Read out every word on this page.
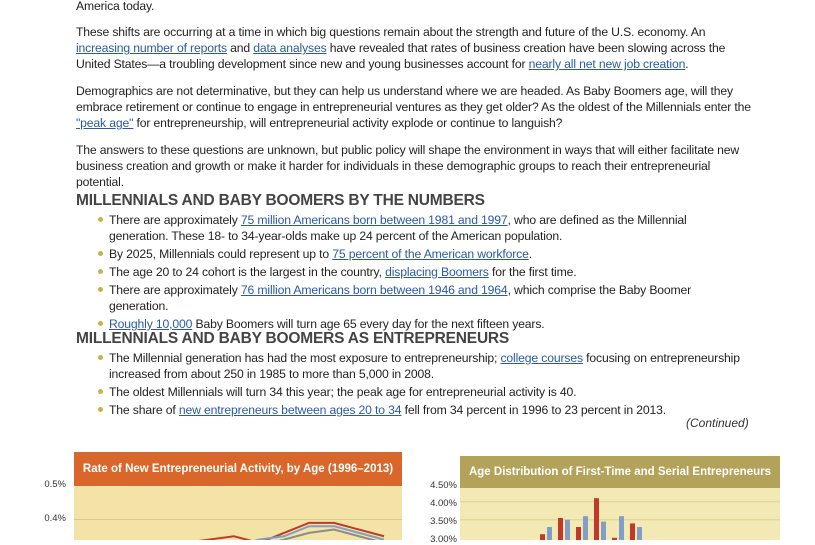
America today.
These shifts are occurring at a time in which big questions remain about the strength and future of the U.S. economy. An increasing number of reports and data analyses have revealed that rates of business creation have been slowing across the United States—a troubling development since new and young businesses account for nearly all net new job creation.
Demographics are not determinative, but they can help us understand where we are headed. As Baby Boomers age, will they embrace retirement or continue to engage in entrepreneurial ventures as they get older? As the oldest of the Millennials enter the "peak age" for entrepreneurship, will entrepreneurial activity explode or continue to languish?
The answers to these questions are unknown, but public policy will shape the environment in ways that will either facilitate new business creation and growth or make it harder for individuals in these demographic groups to reach their entrepreneurial potential.
MILLENNIALS AND BABY BOOMERS BY THE NUMBERS
There are approximately 75 million Americans born between 1981 and 1997, who are defined as the Millennial generation. These 18- to 34-year-olds make up 24 percent of the American population.
By 2025, Millennials could represent up to 75 percent of the American workforce.
The age 20 to 24 cohort is the largest in the country, displacing Boomers for the first time.
There are approximately 76 million Americans born between 1946 and 1964, which comprise the Baby Boomer generation.
Roughly 10,000 Baby Boomers will turn age 65 every day for the next fifteen years.
MILLENNIALS AND BABY BOOMERS AS ENTREPRENEURS
The Millennial generation has had the most exposure to entrepreneurship; college courses focusing on entrepreneurship increased from about 250 in 1985 to more than 5,000 in 2008.
The oldest Millennials will turn 34 this year; the peak age for entrepreneurial activity is 40.
The share of new entrepreneurs between ages 20 to 34 fell from 34 percent in 1996 to 23 percent in 2013.
(Continued)
Rate of New Entrepreneurial Activity, by Age (1996–2013)
0.5%
0.4%
Age Distribution of First-Time and Serial Entrepreneurs
4.50%
4.00%
3.50%
3.00%
